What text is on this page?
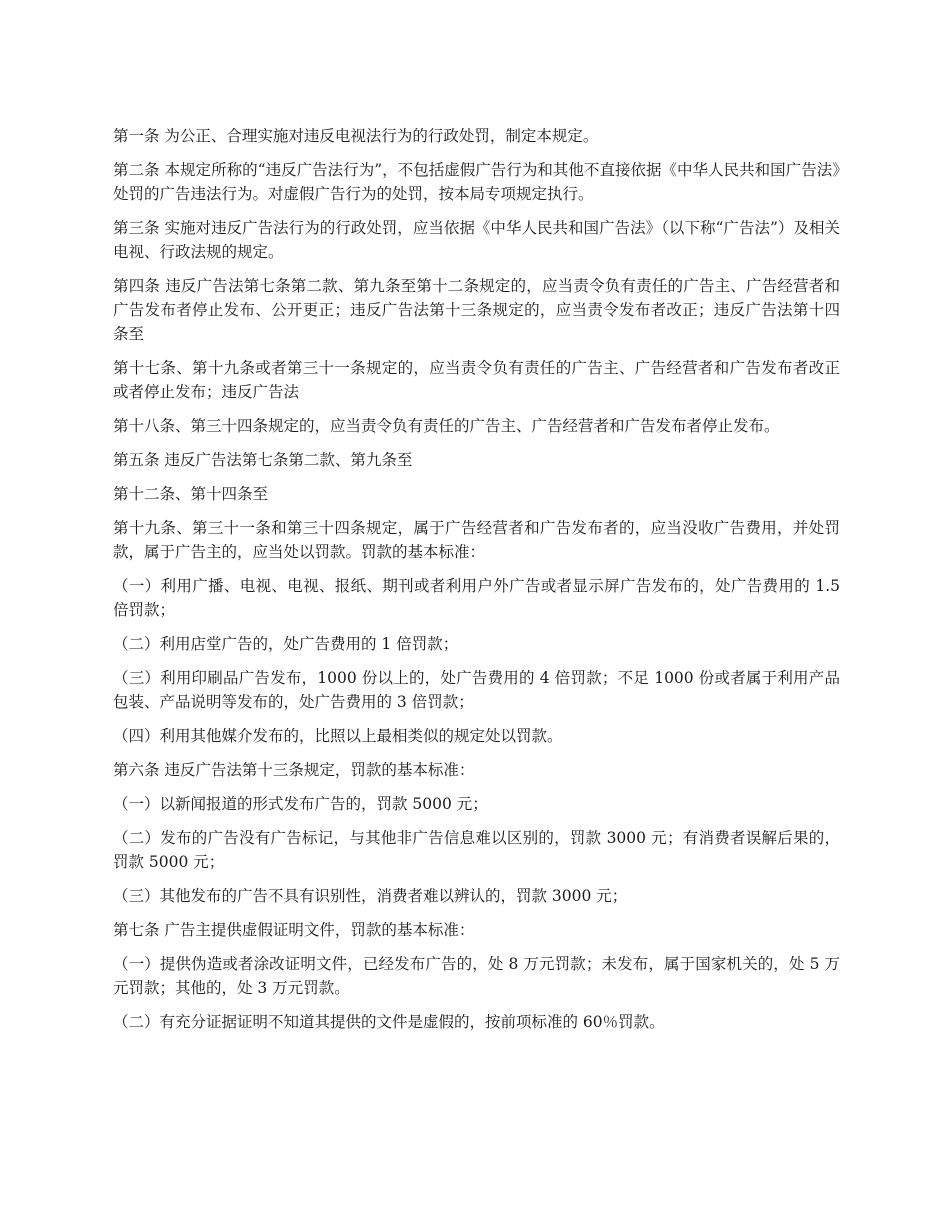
第一条 为公正、合理实施对违反电视法行为的行政处罚，制定本规定。

第二条 本规定所称的“违反广告法行为”，不包括虚假广告行为和其他不直接依据《中华人民共和国广告法》处罚的广告违法行为。对虚假广告行为的处罚，按本局专项规定执行。

第三条 实施对违反广告法行为的行政处罚，应当依据《中华人民共和国广告法》（以下称“广告法”）及相关电视、行政法规的规定。

第四条 违反广告法第七条第二款、第九条至第十二条规定的，应当责令负有责任的广告主、广告经营者和广告发布者停止发布、公开更正；违反广告法第十三条规定的，应当责令发布者改正；违反广告法第十四条至

第十七条、第十九条或者第三十一条规定的，应当责令负有责任的广告主、广告经营者和广告发布者改正或者停止发布；违反广告法

第十八条、第三十四条规定的，应当责令负有责任的广告主、广告经营者和广告发布者停止发布。

第五条 违反广告法第七条第二款、第九条至

第十二条、第十四条至

第十九条、第三十一条和第三十四条规定，属于广告经营者和广告发布者的，应当没收广告费用，并处罚款，属于广告主的，应当处以罚款。罚款的基本标准：

（一）利用广播、电视、电视、报纸、期刊或者利用户外广告或者显示屏广告发布的，处广告费用的 1.5 倍罚款；

（二）利用店堂广告的，处广告费用的 1 倍罚款；

（三）利用印刷品广告发布，1000 份以上的，处广告费用的 4 倍罚款；不足 1000 份或者属于利用产品包装、产品说明等发布的，处广告费用的 3 倍罚款；

（四）利用其他媒介发布的，比照以上最相类似的规定处以罚款。

第六条 违反广告法第十三条规定，罚款的基本标准：

（一）以新闻报道的形式发布广告的，罚款 5000 元；

（二）发布的广告没有广告标记，与其他非广告信息难以区别的，罚款 3000 元；有消费者误解后果的，罚款 5000 元；

（三）其他发布的广告不具有识别性，消费者难以辨认的，罚款 3000 元；

第七条 广告主提供虚假证明文件，罚款的基本标准：

（一）提供伪造或者涂改证明文件，已经发布广告的，处 8 万元罚款；未发布，属于国家机关的，处 5 万元罚款；其他的，处 3 万元罚款。

（二）有充分证据证明不知道其提供的文件是虚假的，按前项标准的 60％罚款。
